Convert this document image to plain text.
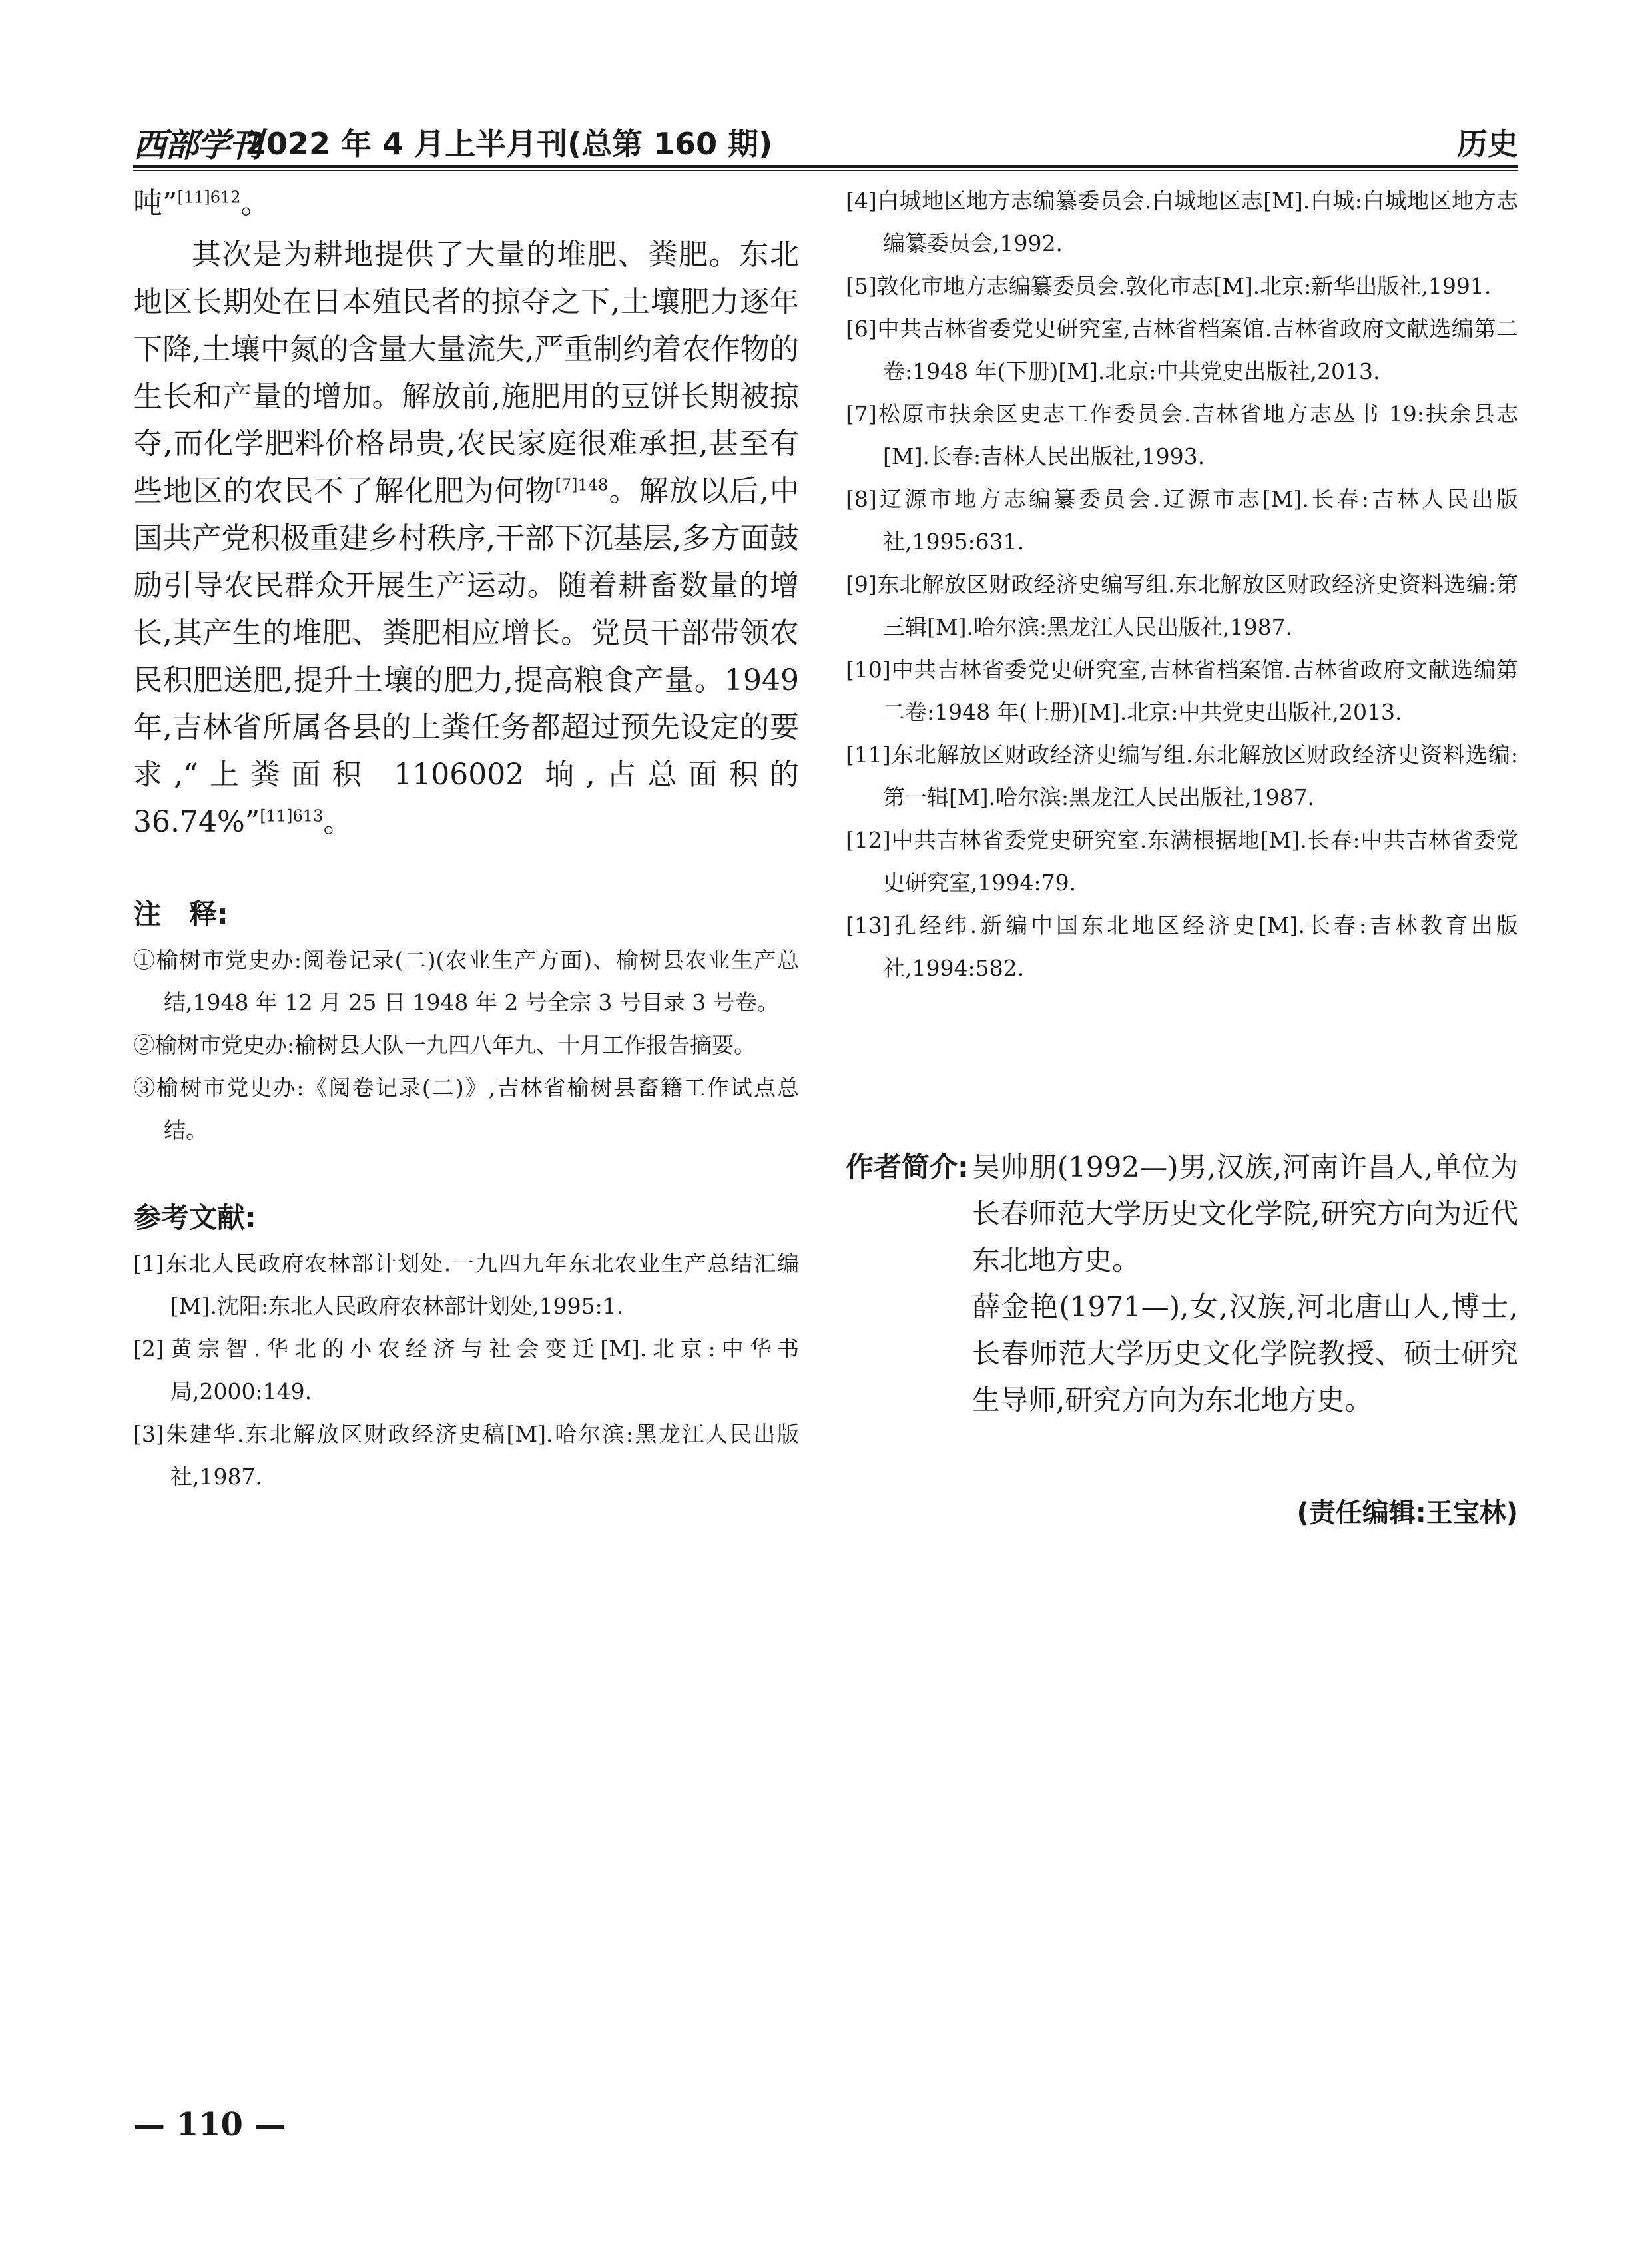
西部学刊
2022 年 4 月上半月刊(总第 160 期)	历史

吨”$^{[11]612}$。

其次是为耕地提供了大量的堆肥、粪肥。东北地区长期处在日本殖民者的掠夺之下,土壤肥力逐年下降,土壤中氮的含量大量流失,严重制约着农作物的生长和产量的增加。解放前,施肥用的豆饼长期被掠夺,而化学肥料价格昂贵,农民家庭很难承担,甚至有些地区的农民不了解化肥为何物$^{[7]148}$。解放以后,中国共产党积极重建乡村秩序,干部下沉基层,多方面鼓励引导农民群众开展生产运动。随着耕畜数量的增长,其产生的堆肥、粪肥相应增长。党员干部带领农民积肥送肥,提升土壤的肥力,提高粮食产量。1949 年,吉林省所属各县的上粪任务都超过预先设定的要求,“上粪面积 1106002 垧,占总面积的 36.74%”$^{[11]613}$。

注　释:

①榆树市党史办:阅卷记录(二)(农业生产方面)、榆树县农业生产总结,1948 年 12 月 25 日 1948 年 2 号全宗 3 号目录 3 号卷。

②榆树市党史办:榆树县大队一九四八年九、十月工作报告摘要。

③榆树市党史办:《阅卷记录(二)》,吉林省榆树县畜籍工作试点总结。

参考文献:

[1]东北人民政府农林部计划处.一九四九年东北农业生产总结汇编[M].沈阳:东北人民政府农林部计划处,1995:1.

[2]黄宗智.华北的小农经济与社会变迁[M].北京:中华书局,2000:149.

[3]朱建华.东北解放区财政经济史稿[M].哈尔滨:黑龙江人民出版社,1987.

[4]白城地区地方志编纂委员会.白城地区志[M].白城:白城地区地方志编纂委员会,1992.

[5]敦化市地方志编纂委员会.敦化市志[M].北京:新华出版社,1991.

[6]中共吉林省委党史研究室,吉林省档案馆.吉林省政府文献选编第二卷:1948 年(下册)[M].北京:中共党史出版社,2013.

[7]松原市扶余区史志工作委员会.吉林省地方志丛书 19:扶余县志[M].长春:吉林人民出版社,1993.

[8]辽源市地方志编纂委员会.辽源市志[M].长春:吉林人民出版社,1995:631.

[9]东北解放区财政经济史编写组.东北解放区财政经济史资料选编:第三辑[M].哈尔滨:黑龙江人民出版社,1987.

[10]中共吉林省委党史研究室,吉林省档案馆.吉林省政府文献选编第二卷:1948 年(上册)[M].北京:中共党史出版社,2013.

[11]东北解放区财政经济史编写组.东北解放区财政经济史资料选编:第一辑[M].哈尔滨:黑龙江人民出版社,1987.

[12]中共吉林省委党史研究室.东满根据地[M].长春:中共吉林省委党史研究室,1994:79.

[13]孔经纬.新编中国东北地区经济史[M].长春:吉林教育出版社,1994:582.

作者简介: 吴帅朋(1992—)男,汉族,河南许昌人,单位为长春师范大学历史文化学院,研究方向为近代东北地方史。

薛金艳(1971—),女,汉族,河北唐山人,博士,长春师范大学历史文化学院教授、硕士研究生导师,研究方向为东北地方史。

(责任编辑:王宝林)
— 110 —
